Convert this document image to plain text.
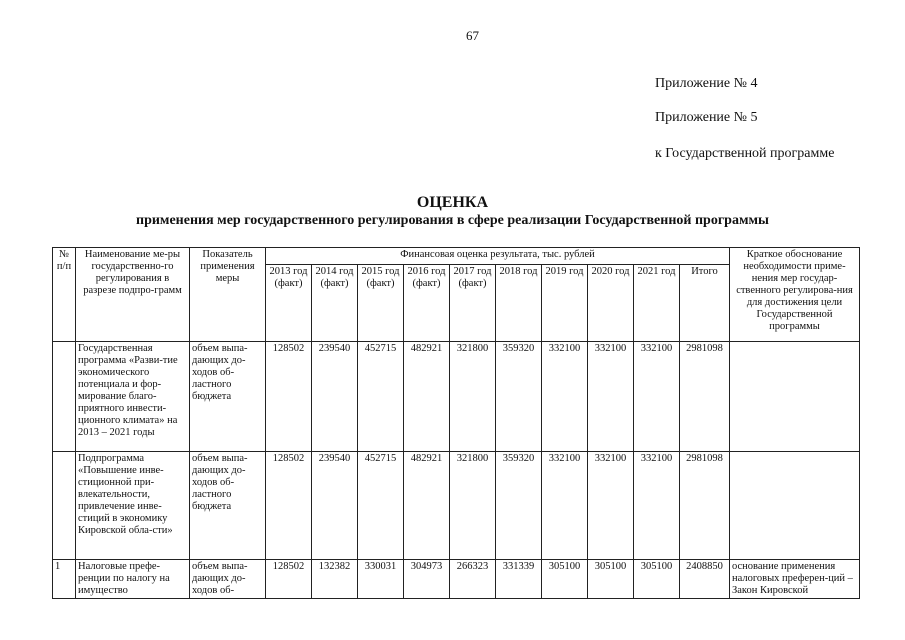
67
Приложение № 4
Приложение № 5
к Государственной программе
ОЦЕНКА
применения мер государственного регулирования в сфере реализации Государственной программы
№ п/п	Наименование ме-ры государственно-го регулирования в разрезе подпро-грамм	Показатель применения меры	Финансовая оценка результата, тыс. рублей										Краткое обоснование необходимости приме-нения мер государ-ственного регулирова-ния для достижения цели Государственной программы
			2013 год (факт)	2014 год (факт)	2015 год (факт)	2016 год (факт)	2017 год (факт)	2018 год	2019 год	2020 год	2021 год	Итого	
	Государственная программа «Разви-тие экономического потенциала и фор-мирование благо-приятного инвести-ционного климата» на 2013 – 2021 годы	объем выпа-дающих до-ходов об-ластного бюджета	128502	239540	452715	482921	321800	359320	332100	332100	332100	2981098	
	Подпрограмма «Повышение инве-стиционной при-влекательности, привлечение инве-стиций в экономику Кировской обла-сти»	объем выпа-дающих до-ходов об-ластного бюджета	128502	239540	452715	482921	321800	359320	332100	332100	332100	2981098	
1	Налоговые префе-ренции по налогу на имущество	объем выпа-дающих до-ходов об-	128502	132382	330031	304973	266323	331339	305100	305100	305100	2408850	основание применения налоговых преферен-ций – Закон Кировской
